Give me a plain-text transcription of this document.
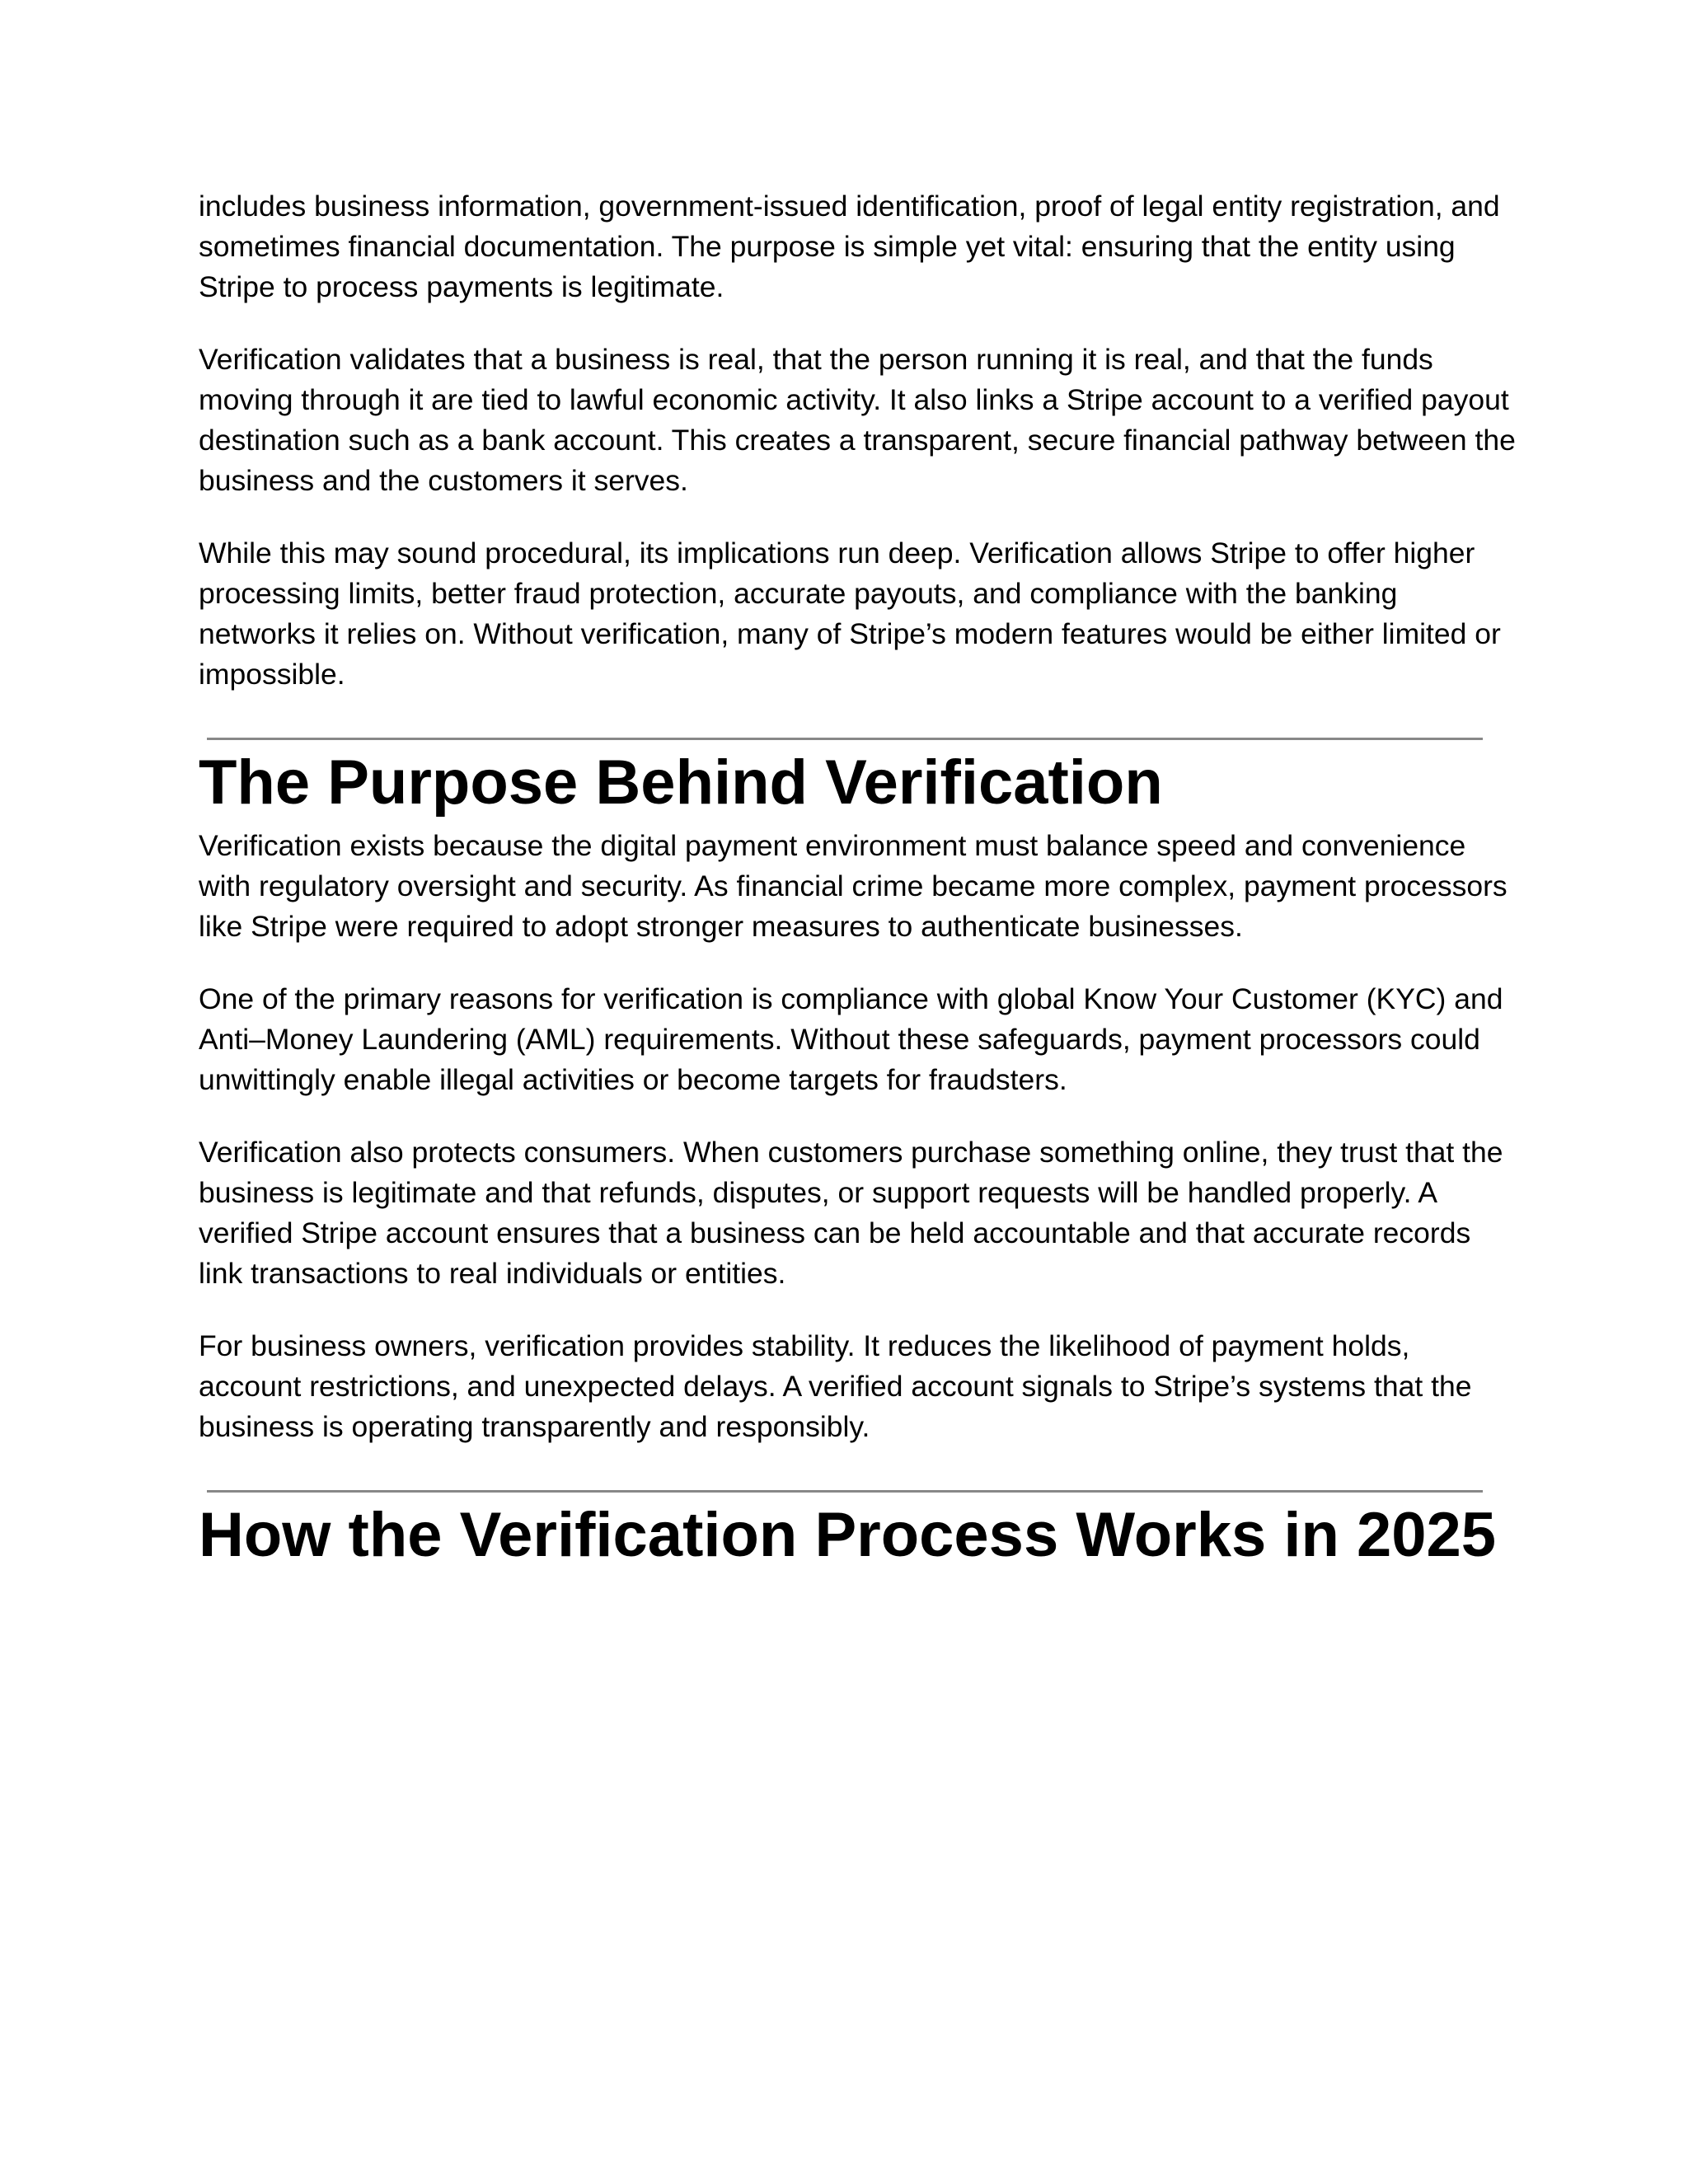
includes business information, government-issued identification, proof of legal entity registration, and sometimes financial documentation. The purpose is simple yet vital: ensuring that the entity using Stripe to process payments is legitimate.

Verification validates that a business is real, that the person running it is real, and that the funds moving through it are tied to lawful economic activity. It also links a Stripe account to a verified payout destination such as a bank account. This creates a transparent, secure financial pathway between the business and the customers it serves.

While this may sound procedural, its implications run deep. Verification allows Stripe to offer higher processing limits, better fraud protection, accurate payouts, and compliance with the banking networks it relies on. Without verification, many of Stripe’s modern features would be either limited or impossible.

The Purpose Behind Verification

Verification exists because the digital payment environment must balance speed and convenience with regulatory oversight and security. As financial crime became more complex, payment processors like Stripe were required to adopt stronger measures to authenticate businesses.

One of the primary reasons for verification is compliance with global Know Your Customer (KYC) and Anti–Money Laundering (AML) requirements. Without these safeguards, payment processors could unwittingly enable illegal activities or become targets for fraudsters.

Verification also protects consumers. When customers purchase something online, they trust that the business is legitimate and that refunds, disputes, or support requests will be handled properly. A verified Stripe account ensures that a business can be held accountable and that accurate records link transactions to real individuals or entities.

For business owners, verification provides stability. It reduces the likelihood of payment holds, account restrictions, and unexpected delays. A verified account signals to Stripe’s systems that the business is operating transparently and responsibly.

How the Verification Process Works in 2025
